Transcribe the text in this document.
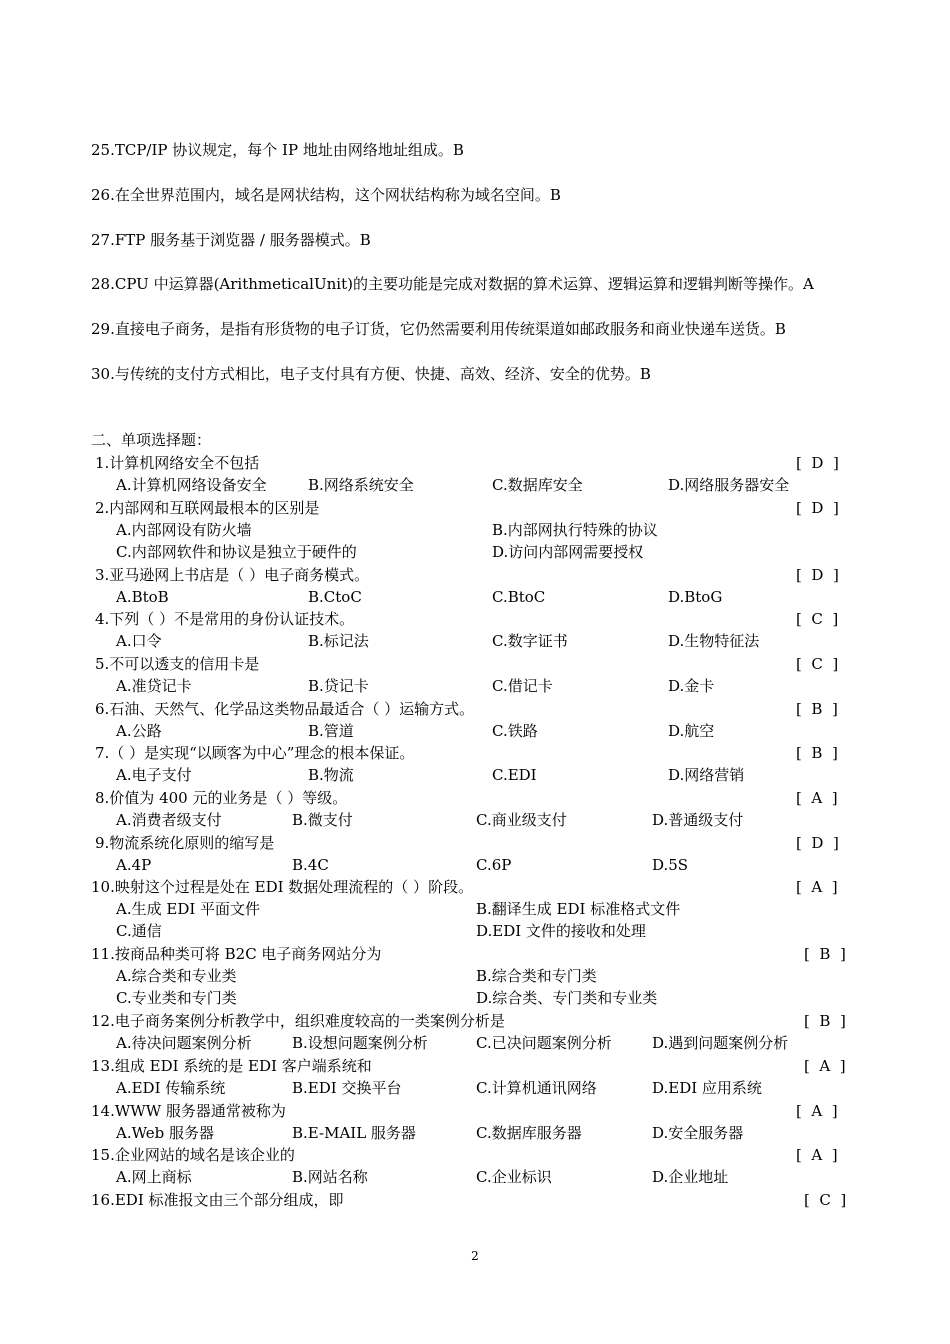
25.TCP/IP 协议规定，每个 IP 地址由网络地址组成。B
26.在全世界范围内，域名是网状结构，这个网状结构称为域名空间。B
27.FTP 服务基于浏览器 / 服务器模式。B
28.CPU 中运算器(ArithmeticalUnit)的主要功能是完成对数据的算术运算、逻辑运算和逻辑判断等操作。A
29.直接电子商务，是指有形货物的电子订货，它仍然需要利用传统渠道如邮政服务和商业快递车送货。B
30.与传统的支付方式相比，电子支付具有方便、快捷、高效、经济、安全的优势。B
二、单项选择题：
1.计算机网络安全不包括	[  D  ]
A.计算机网络设备安全	B.网络系统安全	C.数据库安全	D.网络服务器安全
2.内部网和互联网最根本的区别是	[  D  ]
A.内部网设有防火墙	B.内部网执行特殊的协议
C.内部网软件和协议是独立于硬件的	D.访问内部网需要授权
3.亚马逊网上书店是（ ）电子商务模式。	[  D  ]
A.BtoB	B.CtoC	C.BtoC	D.BtoG
4.下列（ ）不是常用的身份认证技术。	[  C  ]
A.口令	B.标记法	C.数字证书	D.生物特征法
5.不可以透支的信用卡是	[  C  ]
A.准贷记卡	B.贷记卡	C.借记卡	D.金卡
6.石油、天然气、化学品这类物品最适合（ ）运输方式。	[  B  ]
A.公路	B.管道	C.铁路	D.航空
7.（ ）是实现“以顾客为中心”理念的根本保证。	[  B  ]
A.电子支付	B.物流	C.EDI	D.网络营销
8.价值为 400 元的业务是（ ）等级。	[  A  ]
A.消费者级支付	B.微支付	C.商业级支付	D.普通级支付
9.物流系统化原则的缩写是	[  D  ]
A.4P	B.4C	C.6P	D.5S
10.映射这个过程是处在 EDI 数据处理流程的（ ）阶段。	[  A  ]
A.生成 EDI 平面文件	B.翻译生成 EDI 标准格式文件
C.通信	D.EDI 文件的接收和处理
11.按商品种类可将 B2C 电子商务网站分为	[  B  ]
A.综合类和专业类	B.综合类和专门类
C.专业类和专门类	D.综合类、专门类和专业类
12.电子商务案例分析教学中，组织难度较高的一类案例分析是	[  B  ]
A.待决问题案例分析	B.设想问题案例分析	C.已决问题案例分析	D.遇到问题案例分析
13.组成 EDI 系统的是 EDI 客户端系统和	[  A  ]
A.EDI 传输系统	B.EDI 交换平台	C.计算机通讯网络	D.EDI 应用系统
14.WWW 服务器通常被称为	[  A  ]
A.Web 服务器	B.E-MAIL 服务器	C.数据库服务器	D.安全服务器
15.企业网站的域名是该企业的	[  A  ]
A.网上商标	B.网站名称	C.企业标识	D.企业地址
16.EDI 标准报文由三个部分组成，即	[  C  ]
2
